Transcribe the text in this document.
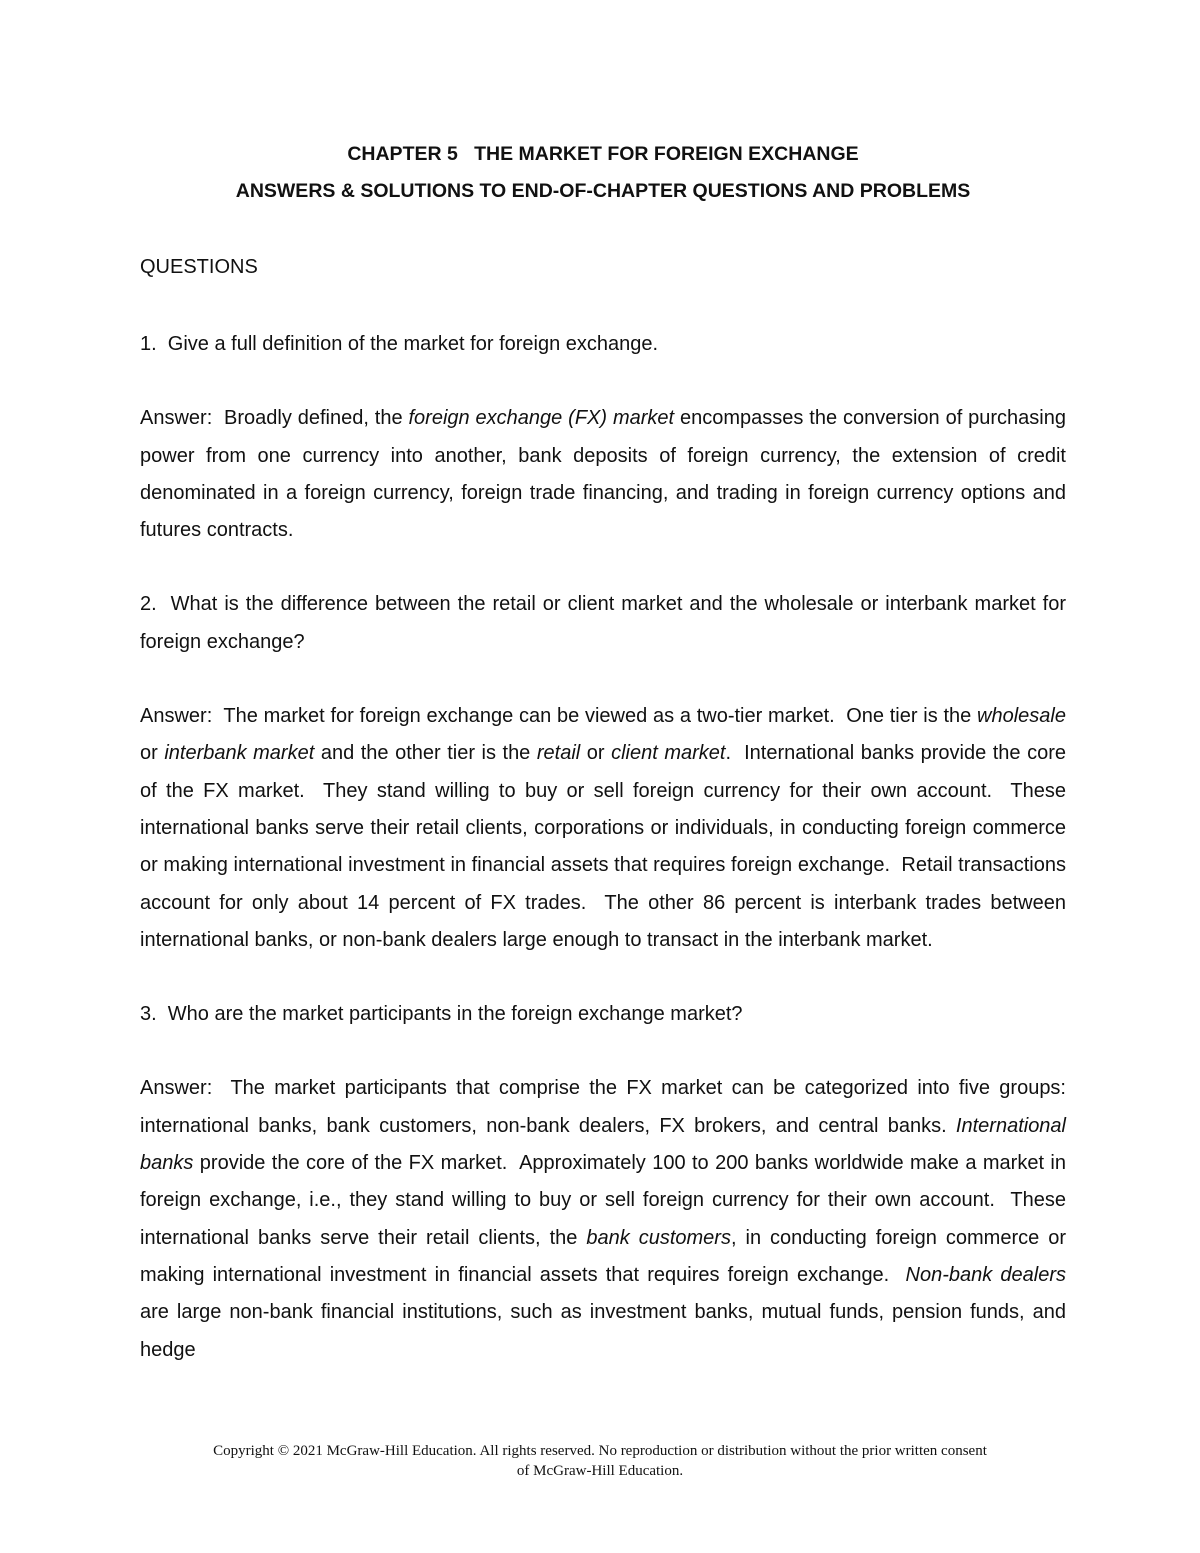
CHAPTER 5   THE MARKET FOR FOREIGN EXCHANGE

ANSWERS & SOLUTIONS TO END-OF-CHAPTER QUESTIONS AND PROBLEMS

QUESTIONS

1.  Give a full definition of the market for foreign exchange.

Answer:  Broadly defined, the foreign exchange (FX) market encompasses the conversion of purchasing power from one currency into another, bank deposits of foreign currency, the extension of credit denominated in a foreign currency, foreign trade financing, and trading in foreign currency options and futures contracts.

2.  What is the difference between the retail or client market and the wholesale or interbank market for foreign exchange?

Answer:  The market for foreign exchange can be viewed as a two-tier market.  One tier is the wholesale or interbank market and the other tier is the retail or client market.  International banks provide the core of the FX market.  They stand willing to buy or sell foreign currency for their own account.  These international banks serve their retail clients, corporations or individuals, in conducting foreign commerce or making international investment in financial assets that requires foreign exchange.  Retail transactions account for only about 14 percent of FX trades.  The other 86 percent is interbank trades between international banks, or non-bank dealers large enough to transact in the interbank market.

3.  Who are the market participants in the foreign exchange market?

Answer:  The market participants that comprise the FX market can be categorized into five groups:  international banks, bank customers, non-bank dealers, FX brokers, and central banks. International banks provide the core of the FX market.  Approximately 100 to 200 banks worldwide make a market in foreign exchange, i.e., they stand willing to buy or sell foreign currency for their own account.  These international banks serve their retail clients, the bank customers, in conducting foreign commerce or making international investment in financial assets that requires foreign exchange.  Non-bank dealers are large non-bank financial institutions, such as investment banks, mutual funds, pension funds, and hedge

Copyright © 2021 McGraw-Hill Education. All rights reserved. No reproduction or distribution without the prior written consent
of McGraw-Hill Education.
